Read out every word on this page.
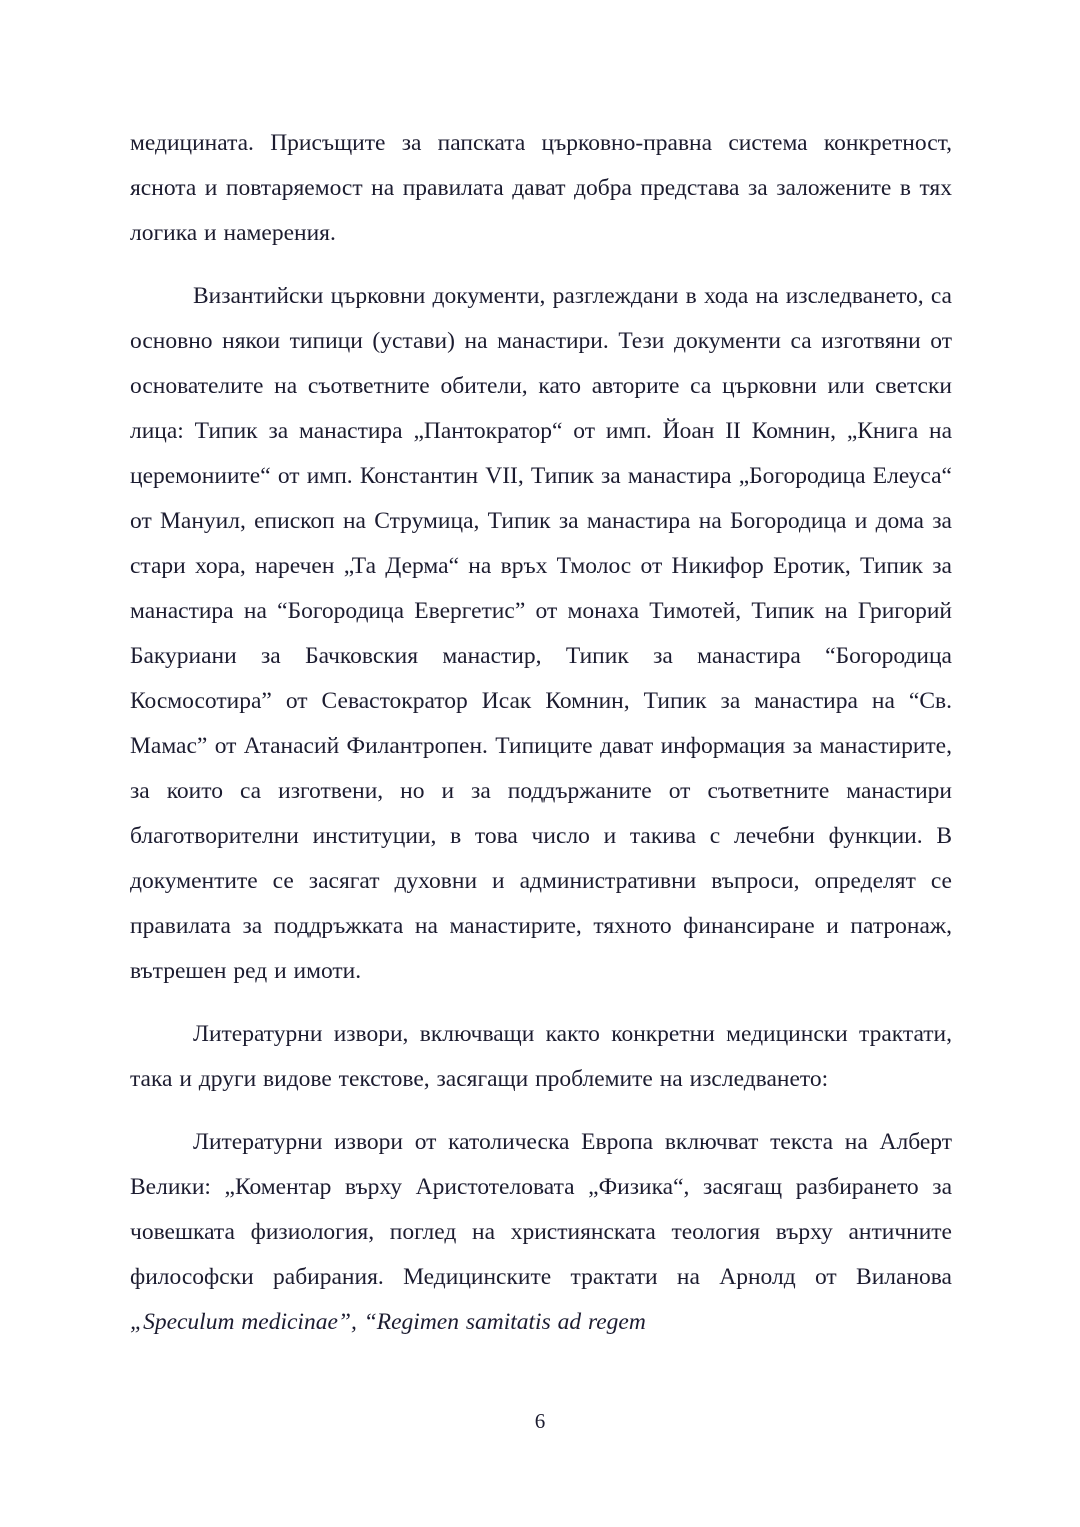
медицината. Присъщите за папската църковно-правна система конкретност, яснота и повтаряемост на правилата дават добра представа за заложените в тях логика и намерения.

Византийски църковни документи, разглеждани в хода на изследването, са основно някои типици (устави) на манастири. Тези документи са изготвяни от основателите на съответните обители, като авторите са църковни или светски лица: Типик за манастира „Пантократор“ от имп. Йоан II Комнин, „Книга на церемониите“ от имп. Константин VII, Типик за манастира „Богородица Елеуса“ от Мануил, епископ на Струмица, Типик за манастира на Богородица и дома за стари хора, наречен „Та Дерма“ на връх Тмолос от Никифор Еротик, Типик за манастира на “Богородица Евергетис” от монаха Тимотей, Типик на Григорий Бакуриани за Бачковския манастир, Типик за манастира “Богородица Космосотира” от Севастократор Исак Комнин, Типик за манастира на “Св. Мамас” от Атанасий Филантропен. Типиците дават информация за манастирите, за които са изготвени, но и за поддържаните от съответните манастири благотворителни институции, в това число и такива с лечебни функции. В документите се засягат духовни и административни въпроси, определят се правилата за поддръжката на манастирите, тяхното финансиране и патронаж, вътрешен ред и имоти.

Литературни извори, включващи както конкретни медицински трактати, така и други видове текстове, засягащи проблемите на изследването:

Литературни извори от католическа Европа включват текста на Алберт Велики: „Коментар върху Аристотеловата „Физика“, засягащ разбирането за човешката физиология, поглед на християнската теология върху античните философски рабирания. Медицинските трактати на Арнолд от Виланова „Speculum medicinae”, “Regimen samitatis ad regem

6
